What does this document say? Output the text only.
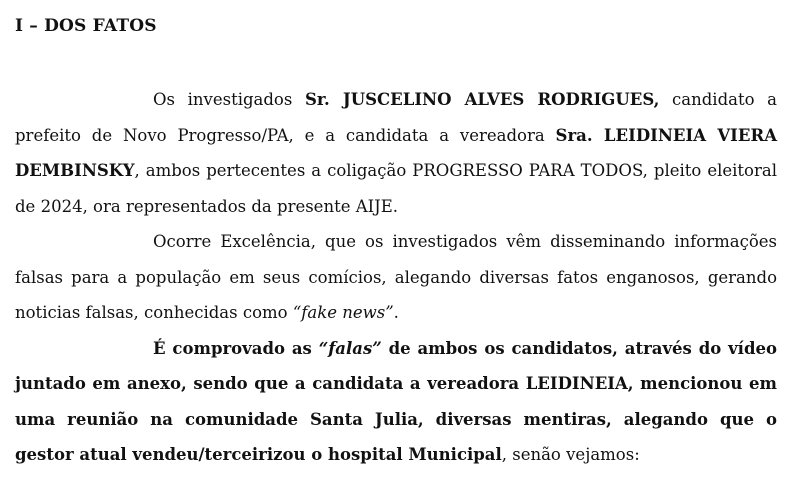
I – DOS FATOS

Os investigados Sr. JUSCELINO ALVES RODRIGUES, candidato a prefeito de Novo Progresso/PA, e a candidata a vereadora Sra. LEIDINEIA VIERA DEMBINSKY, ambos pertecentes a coligação PROGRESSO PARA TODOS, pleito eleitoral de 2024, ora representados da presente AIJE.

Ocorre Excelência, que os investigados vêm disseminando informações falsas para a população em seus comícios, alegando diversas fatos enganosos, gerando noticias falsas, conhecidas como “fake news”.

É comprovado as “falas” de ambos os candidatos, através do vídeo juntado em anexo, sendo que a candidata a vereadora LEIDINEIA, mencionou em uma reunião na comunidade Santa Julia, diversas mentiras, alegando que o gestor atual vendeu/terceirizou o hospital Municipal, senão vejamos:
